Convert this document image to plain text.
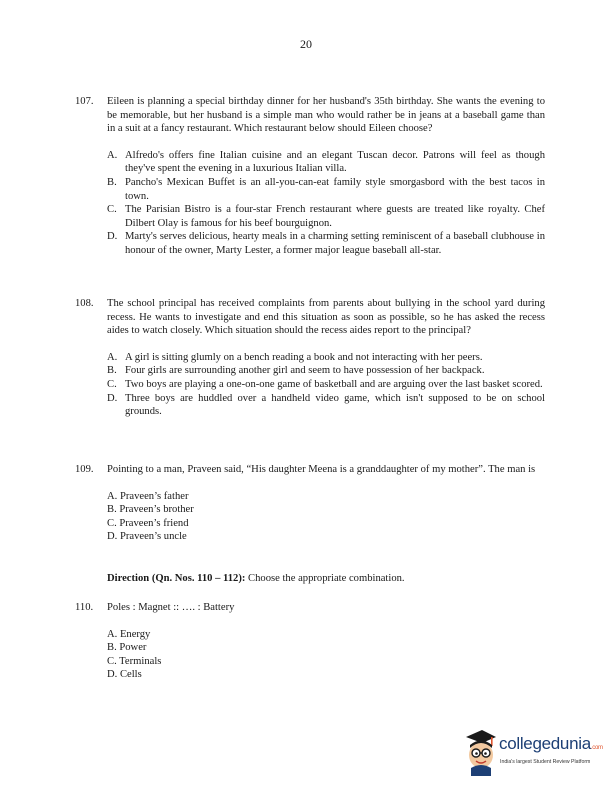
20
107.	Eileen is planning a special birthday dinner for her husband's 35th birthday. She wants the evening to be memorable, but her husband is a simple man who would rather be in jeans at a baseball game than in a suit at a fancy restaurant. Which restaurant below should Eileen choose?
A. Alfredo's offers fine Italian cuisine and an elegant Tuscan decor. Patrons will feel as though they've spent the evening in a luxurious Italian villa.
B. Pancho's Mexican Buffet is an all-you-can-eat family style smorgasbord with the best tacos in town.
C. The Parisian Bistro is a four-star French restaurant where guests are treated like royalty. Chef Dilbert Olay is famous for his beef bourguignon.
D. Marty's serves delicious, hearty meals in a charming setting reminiscent of a baseball clubhouse in honour of the owner, Marty Lester, a former major league baseball all-star.
108.	The school principal has received complaints from parents about bullying in the school yard during recess. He wants to investigate and end this situation as soon as possible, so he has asked the recess aides to watch closely. Which situation should the recess aides report to the principal?
A. A girl is sitting glumly on a bench reading a book and not interacting with her peers.
B. Four girls are surrounding another girl and seem to have possession of her backpack.
C. Two boys are playing a one-on-one game of basketball and are arguing over the last basket scored.
D. Three boys are huddled over a handheld video game, which isn't supposed to be on school grounds.
109.	Pointing to a man, Praveen said, “His daughter Meena is a granddaughter of my mother”. The man is
A. Praveen’s father
B. Praveen’s brother
C. Praveen’s friend
D. Praveen’s uncle
Direction (Qn. Nos. 110 – 112): Choose the appropriate combination.
110.	Poles : Magnet :: …. : Battery
A. Energy
B. Power
C. Terminals
D. Cells
collegedunia.com
India's largest Student Review Platform
